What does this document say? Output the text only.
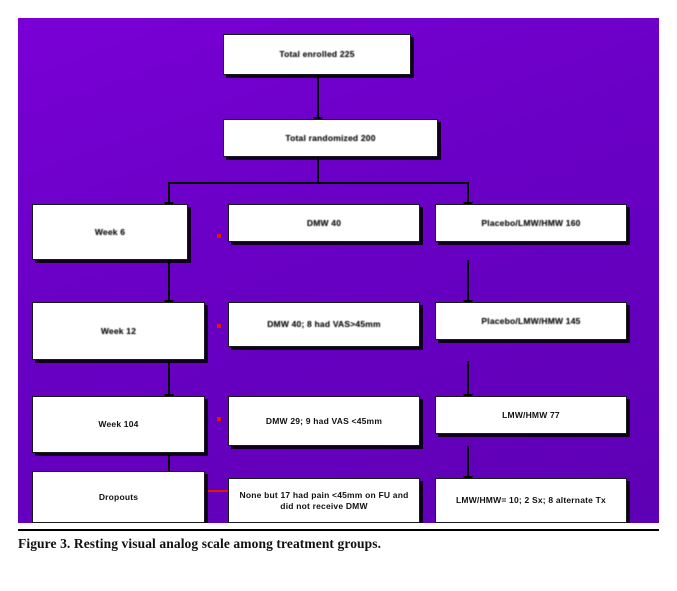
Total enrolled 225
Total randomized 200
Week 6
DMW 40	Placebo/LMW/HMW 160
Week 12
DMW 40; 8 had VAS>45mm	Placebo/LMW/HMW 145
Week 104	DMW 29; 9 had VAS <45mm
LMW/HMW 77
Dropouts	None but 17 had pain <45mm on FU and did not receive DMW
LMW/HMW= 10; 2 Sx; 8 alternate Tx
Figure 3. Resting visual analog scale among treatment groups.
